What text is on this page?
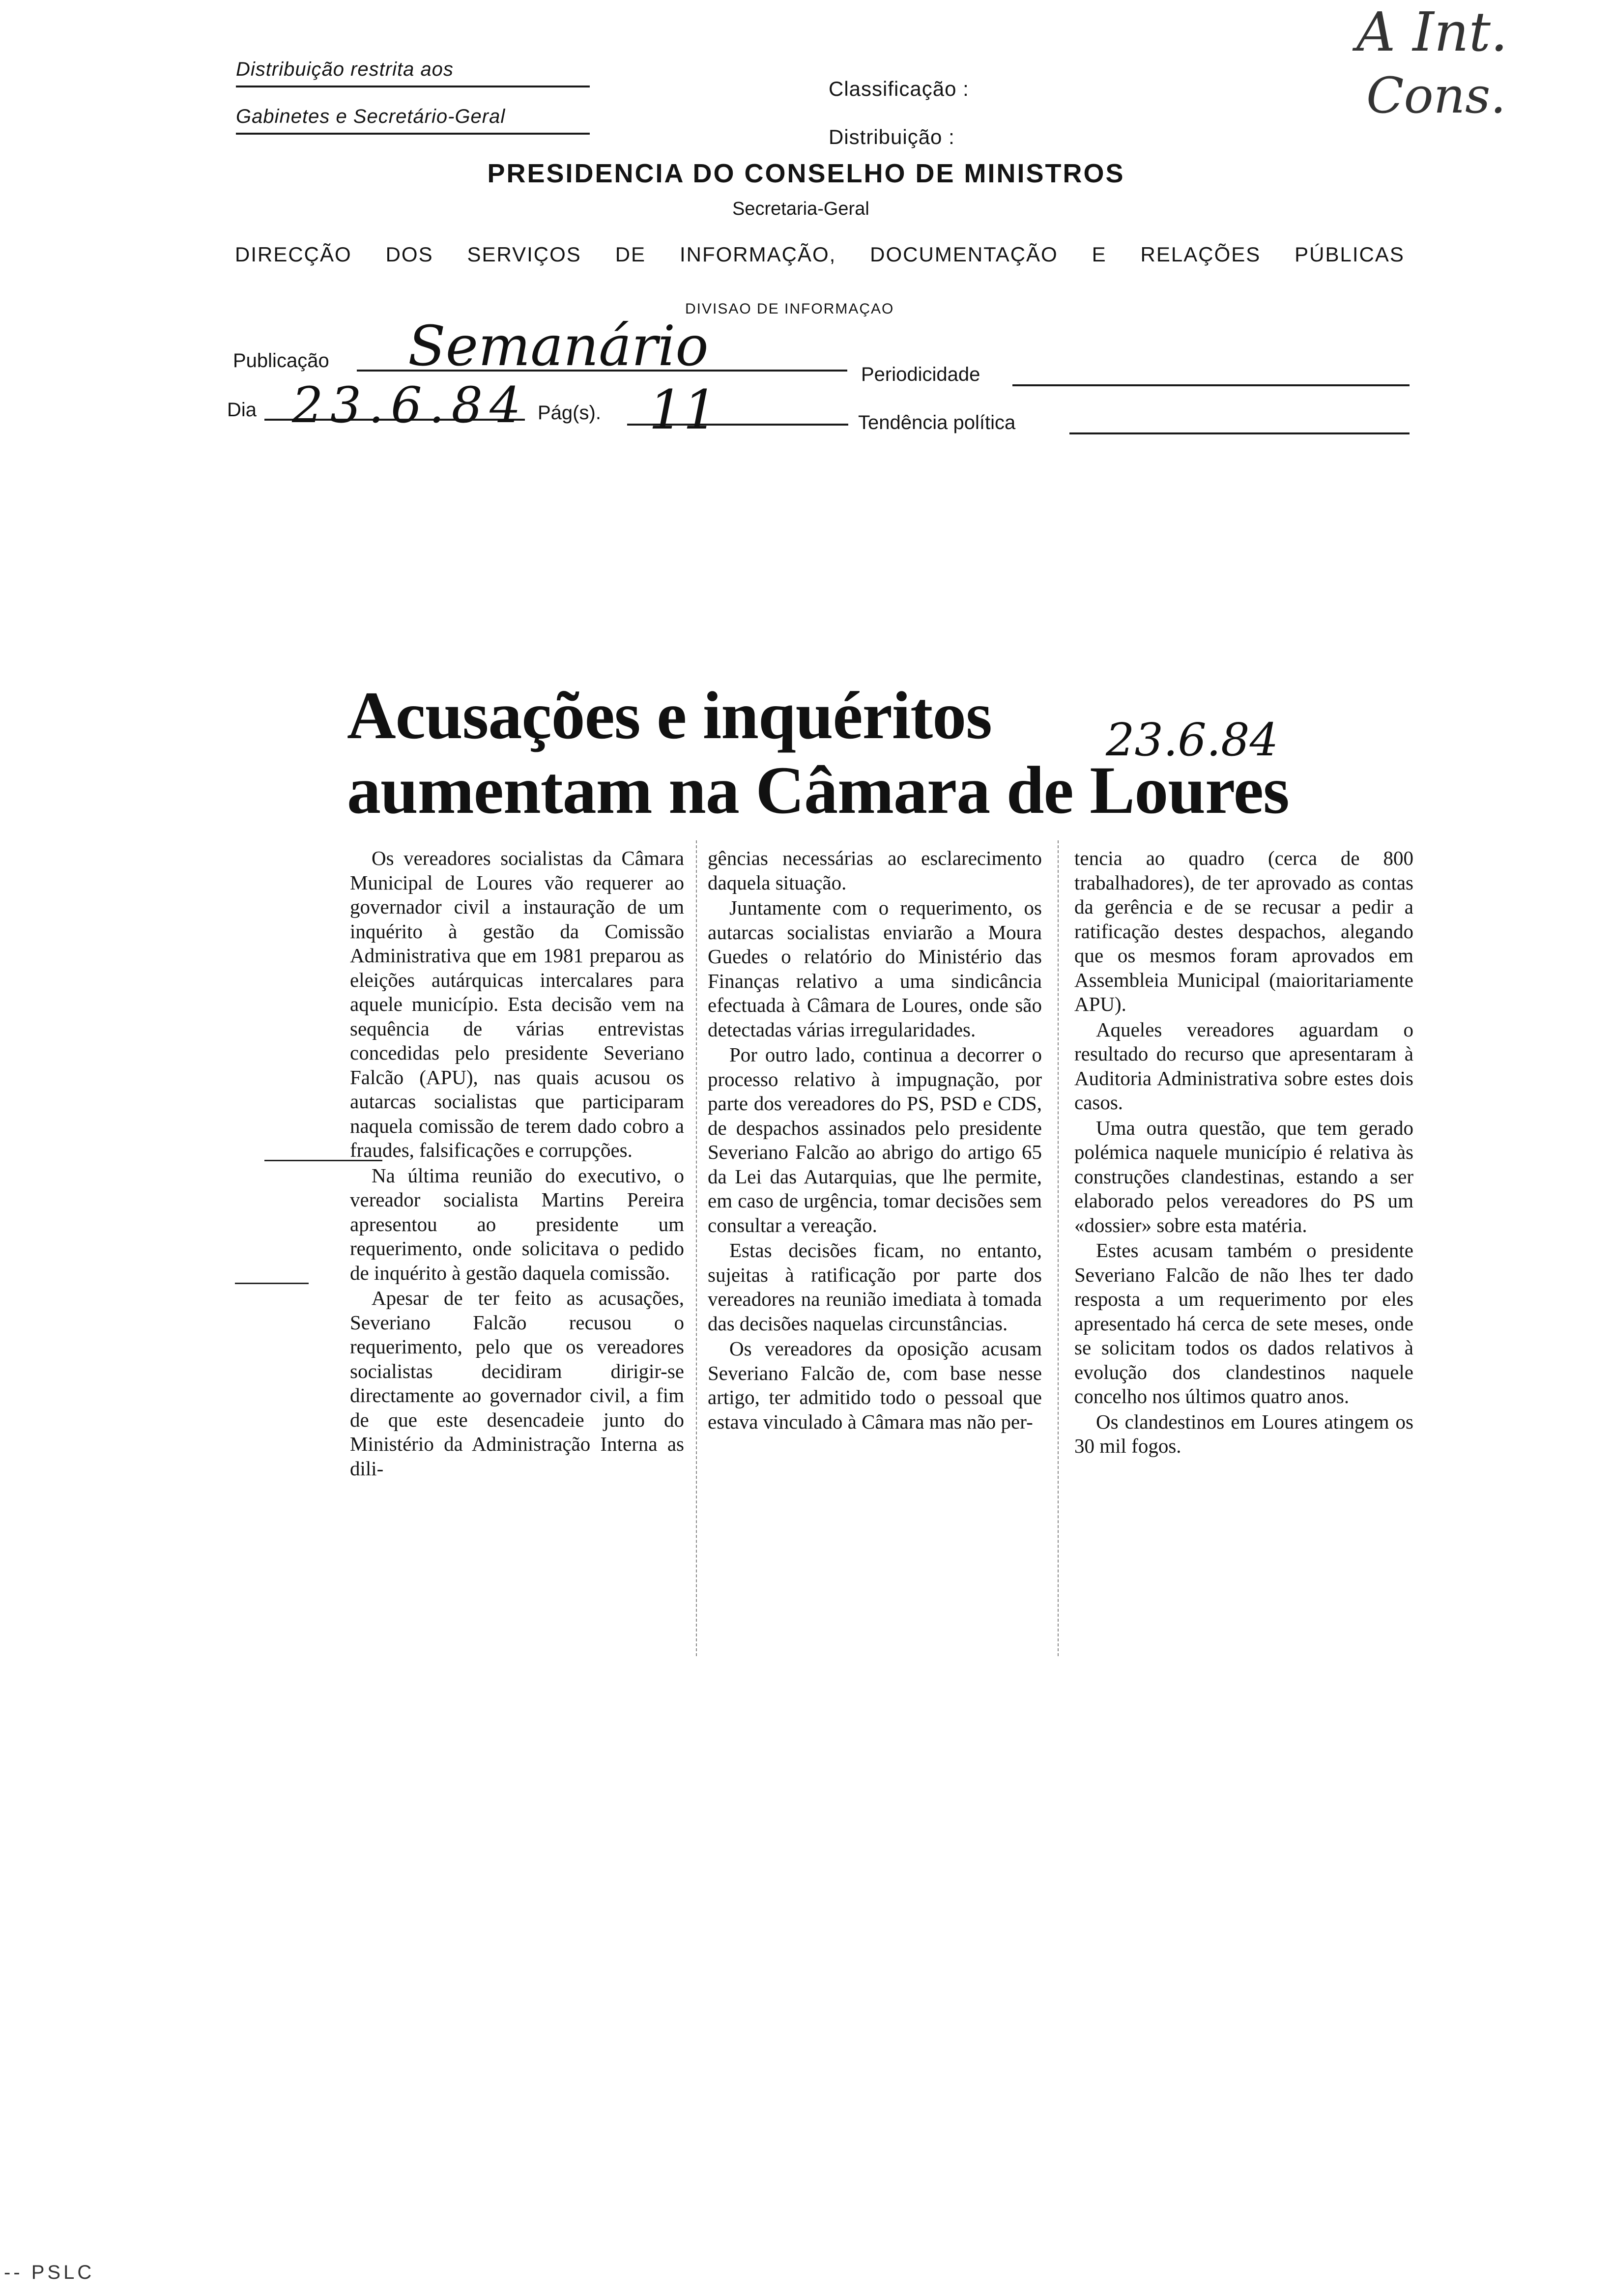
Distribuição restrita aos
Gabinetes e Secretário-Geral
Classificação :
Distribuição :
A Int.
Cons.
PRESIDENCIA DO CONSELHO DE MINISTROS
Secretaria-Geral
DIRECÇÃO DOS SERVIÇOS DE INFORMAÇÃO, DOCUMENTAÇÃO E RELAÇÕES PÚBLICAS
DIVISAO DE INFORMAÇAO
Publicação Semanário	Periodicidade
Dia 23.6.84 Pág(s). 11	Tendência política
Acusações e inquéritos
aumentam na Câmara de Loures
23.6.84

Os vereadores socialistas da Câmara Municipal de Loures vão requerer ao governador civil a instauração de um inquérito à gestão da Comissão Administrativa que em 1981 preparou as eleições autárquicas intercalares para aquele município. Esta decisão vem na sequência de várias entrevistas concedidas pelo presidente Severiano Falcão (APU), nas quais acusou os autarcas socialistas que participaram naquela comissão de terem dado cobro a fraudes, falsificações e corrupções.

Na última reunião do executivo, o vereador socialista Martins Pereira apresentou ao presidente um requerimento, onde solicitava o pedido de inquérito à gestão daquela comissão.

Apesar de ter feito as acusações, Severiano Falcão recusou o requerimento, pelo que os vereadores socialistas decidiram dirigir-se directamente ao governador civil, a fim de que este desencadeie junto do Ministério da Administração Interna as dili-

gências necessárias ao esclarecimento daquela situação.

Juntamente com o requerimento, os autarcas socialistas enviarão a Moura Guedes o relatório do Ministério das Finanças relativo a uma sindicância efectuada à Câmara de Loures, onde são detectadas várias irregularidades.

Por outro lado, continua a decorrer o processo relativo à impugnação, por parte dos vereadores do PS, PSD e CDS, de despachos assinados pelo presidente Severiano Falcão ao abrigo do artigo 65 da Lei das Autarquias, que lhe permite, em caso de urgência, tomar decisões sem consultar a vereação.

Estas decisões ficam, no entanto, sujeitas à ratificação por parte dos vereadores na reunião imediata à tomada das decisões naquelas circunstâncias.

Os vereadores da oposição acusam Severiano Falcão de, com base nesse artigo, ter admitido todo o pessoal que estava vinculado à Câmara mas não per-

tencia ao quadro (cerca de 800 trabalhadores), de ter aprovado as contas da gerência e de se recusar a pedir a ratificação destes despachos, alegando que os mesmos foram aprovados em Assembleia Municipal (maioritariamente APU).

Aqueles vereadores aguardam o resultado do recurso que apresentaram à Auditoria Administrativa sobre estes dois casos.

Uma outra questão, que tem gerado polémica naquele município é relativa às construções clandestinas, estando a ser elaborado pelos vereadores do PS um «dossier» sobre esta matéria.

Estes acusam também o presidente Severiano Falcão de não lhes ter dado resposta a um requerimento por eles apresentado há cerca de sete meses, onde se solicitam todos os dados relativos à evolução dos clandestinos naquele concelho nos últimos quatro anos.

Os clandestinos em Loures atingem os 30 mil fogos.

-- PSLC
